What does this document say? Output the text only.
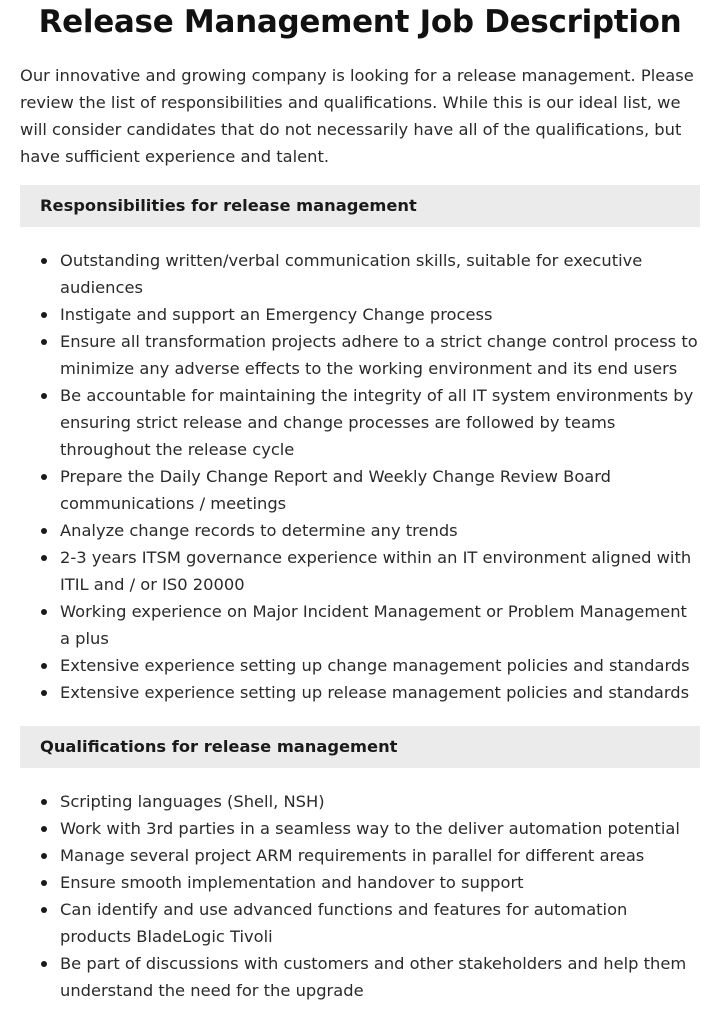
Release Management Job Description

Our innovative and growing company is looking for a release management. Please review the list of responsibilities and qualifications. While this is our ideal list, we will consider candidates that do not necessarily have all of the qualifications, but have sufficient experience and talent.

Responsibilities for release management
Outstanding written/verbal communication skills, suitable for executive audiences
Instigate and support an Emergency Change process
Ensure all transformation projects adhere to a strict change control process to minimize any adverse effects to the working environment and its end users
Be accountable for maintaining the integrity of all IT system environments by ensuring strict release and change processes are followed by teams throughout the release cycle
Prepare the Daily Change Report and Weekly Change Review Board communications / meetings
Analyze change records to determine any trends
2-3 years ITSM governance experience within an IT environment aligned with ITIL and / or IS0 20000
Working experience on Major Incident Management or Problem Management a plus
Extensive experience setting up change management policies and standards
Extensive experience setting up release management policies and standards
Qualifications for release management
Scripting languages (Shell, NSH)
Work with 3rd parties in a seamless way to the deliver automation potential
Manage several project ARM requirements in parallel for different areas
Ensure smooth implementation and handover to support
Can identify and use advanced functions and features for automation products BladeLogic Tivoli
Be part of discussions with customers and other stakeholders and help them understand the need for the upgrade
